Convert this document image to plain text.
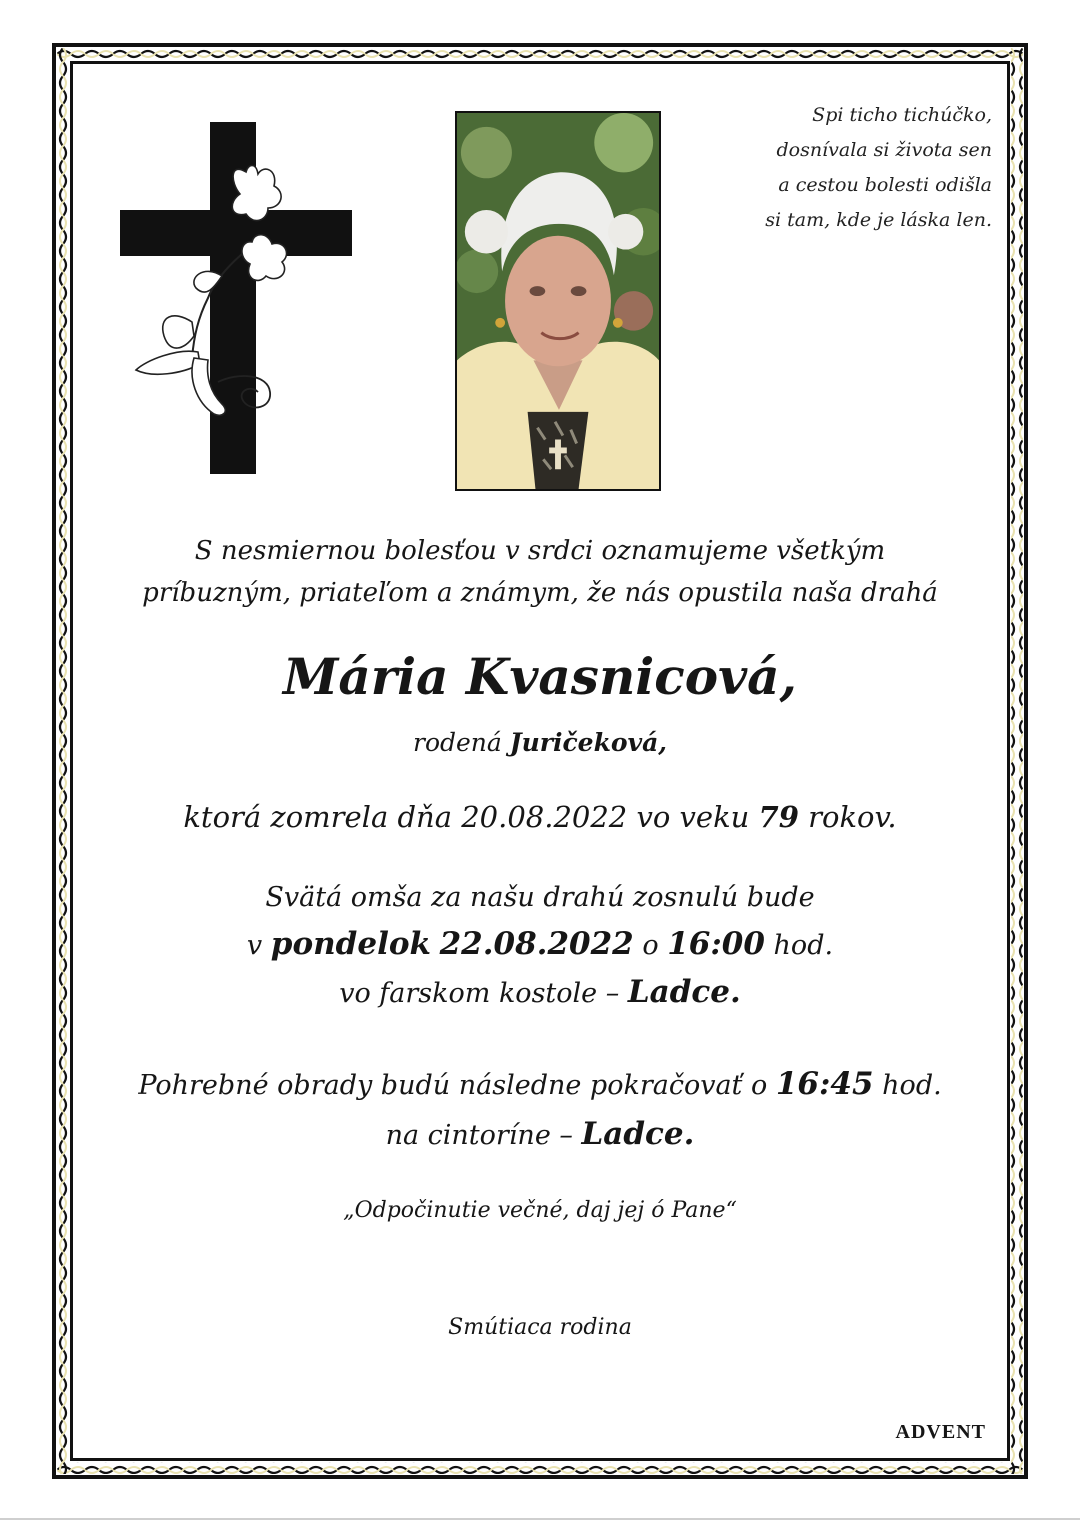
Spi ticho tichúčko,
dosnívala si života sen
a cestou bolesti odišla
si tam, kde je láska len.
S nesmiernou bolesťou v srdci oznamujeme všetkým
príbuzným, priateľom a známym, že nás opustila naša drahá
Mária Kvasnicová,
rodená Juričeková,
ktorá zomrela dňa 20.08.2022 vo veku 79 rokov.
Svätá omša za našu drahú zosnulú bude
v pondelok 22.08.2022 o 16:00 hod.
vo farskom kostole – Ladce.
Pohrebné obrady budú následne pokračovať o 16:45 hod.
na cintoríne – Ladce.
„Odpočinutie večné, daj jej ó Pane“
Smútiaca rodina
ADVENT
